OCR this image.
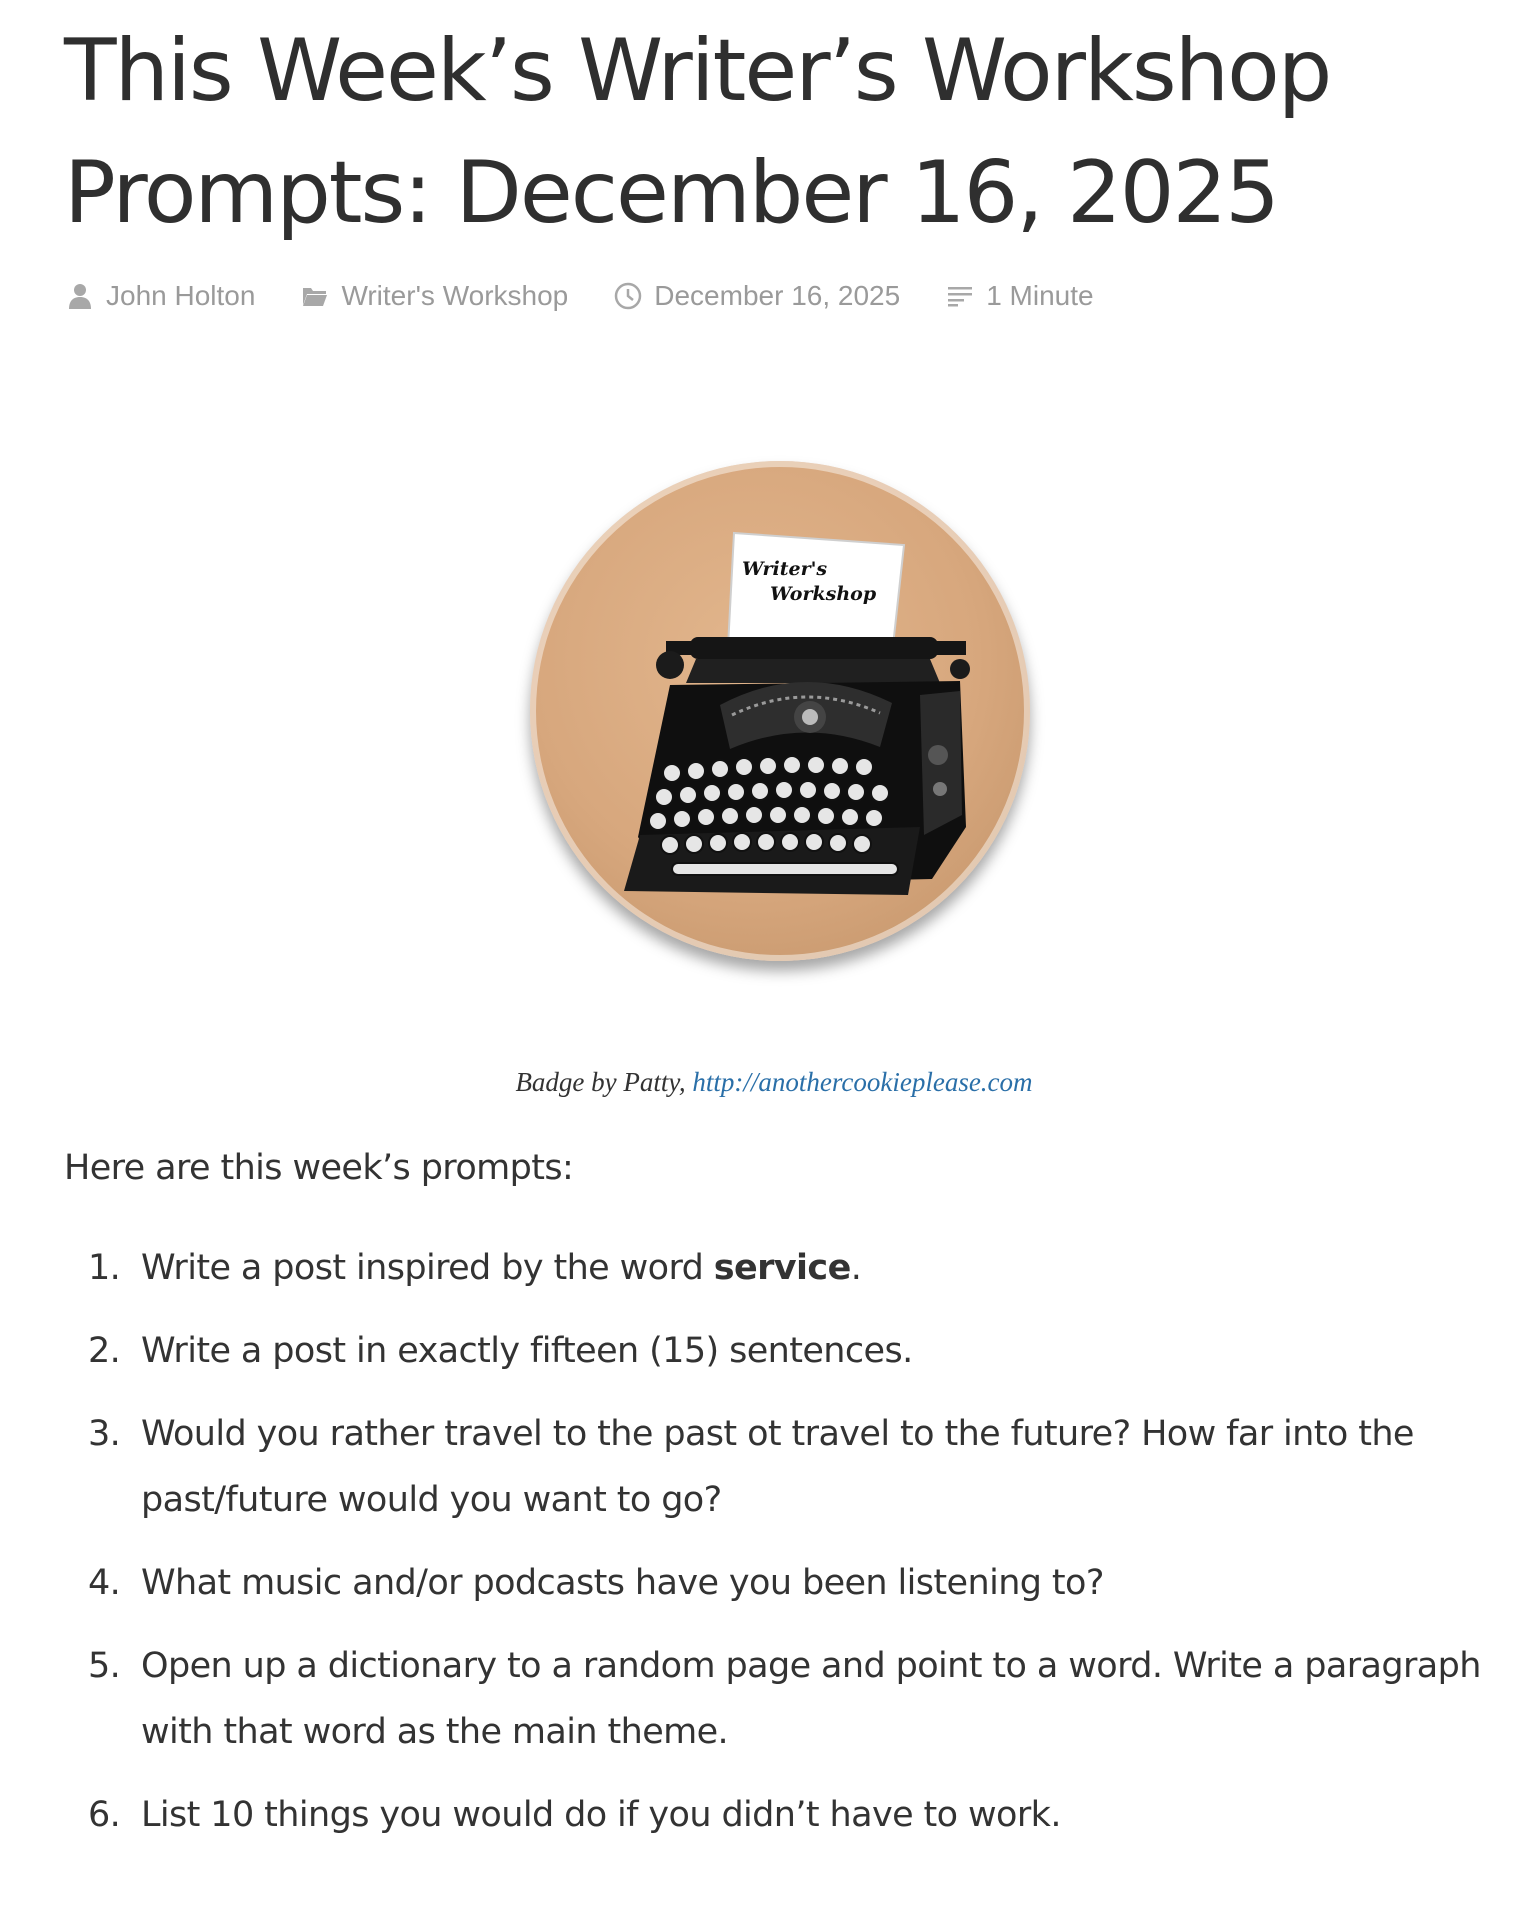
This Week’s Writer’s Workshop Prompts: December 16, 2025
John Holton	Writer's Workshop	December 16, 2025	1 Minute
Writer's
Workshop
Badge by Patty, http://anothercookieplease.com

Here are this week’s prompts:

1. Write a post inspired by the word service.
2. Write a post in exactly fifteen (15) sentences.
3. Would you rather travel to the past ot travel to the future? How far into the past/future would you want to go?
4. What music and/or podcasts have you been listening to?
5. Open up a dictionary to a random page and point to a word. Write a paragraph with that word as the main theme.
6. List 10 things you would do if you didn’t have to work.
